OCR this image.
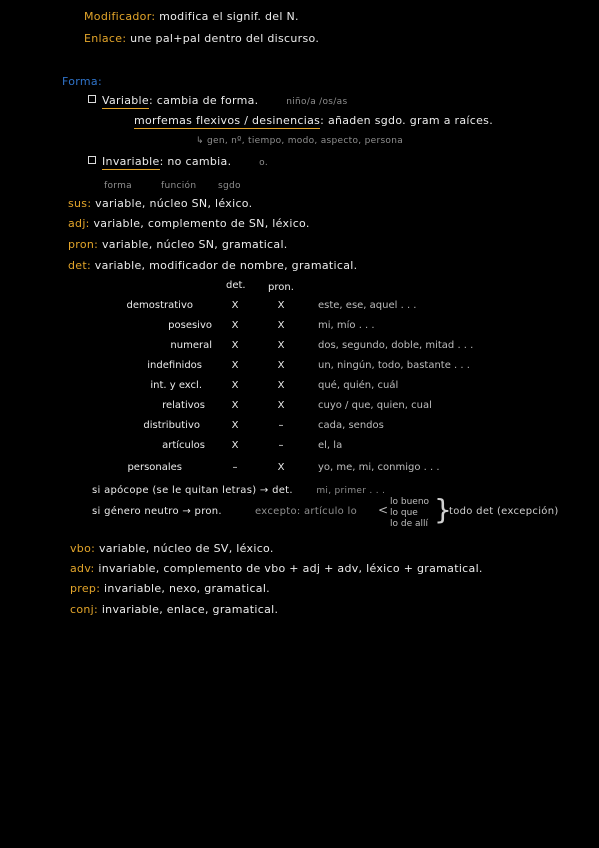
Modificador: modifica el signif. del N.
Enlace: une pal+pal dentro del discurso.
Forma:
Variable: cambia de forma.	niño/a /os/as
morfemas flexivos / desinencias: añaden sgdo. gram a raíces.
↳ gen, nº, tiempo, modo, aspecto, persona
Invariable: no cambia.	o.
forma	función sgdo
sus: variable, núcleo SN, léxico.
adj: variable, complemento de SN, léxico.
pron: variable, núcleo SN, gramatical.
det: variable, modificador de nombre, gramatical.
det. pron.
demostrativo	X	X	este, ese, aquel . . .
posesivo X	X	mi, mío . . .
numeral X	X	dos, segundo, doble, mitad . . .
indefinidos	X	X	un, ningún, todo, bastante . . .
int. y excl.	X	X	qué, quién, cuál
relativos	X	X	cuyo / que, quien, cual
distributivo	X	–	cada, sendos
artículos	X	–	el, la
personales	–	X	yo, me, mi, conmigo . . .
si apócope (se le quitan letras) → det.	mi, primer . . .
si género neutro → pron.	excepto: artículo lo <
lo bueno
lo que
lo de allí }
todo det (excepción)
vbo: variable, núcleo de SV, léxico.
adv: invariable, complemento de vbo + adj + adv, léxico + gramatical.
prep: invariable, nexo, gramatical.
conj: invariable, enlace, gramatical.
